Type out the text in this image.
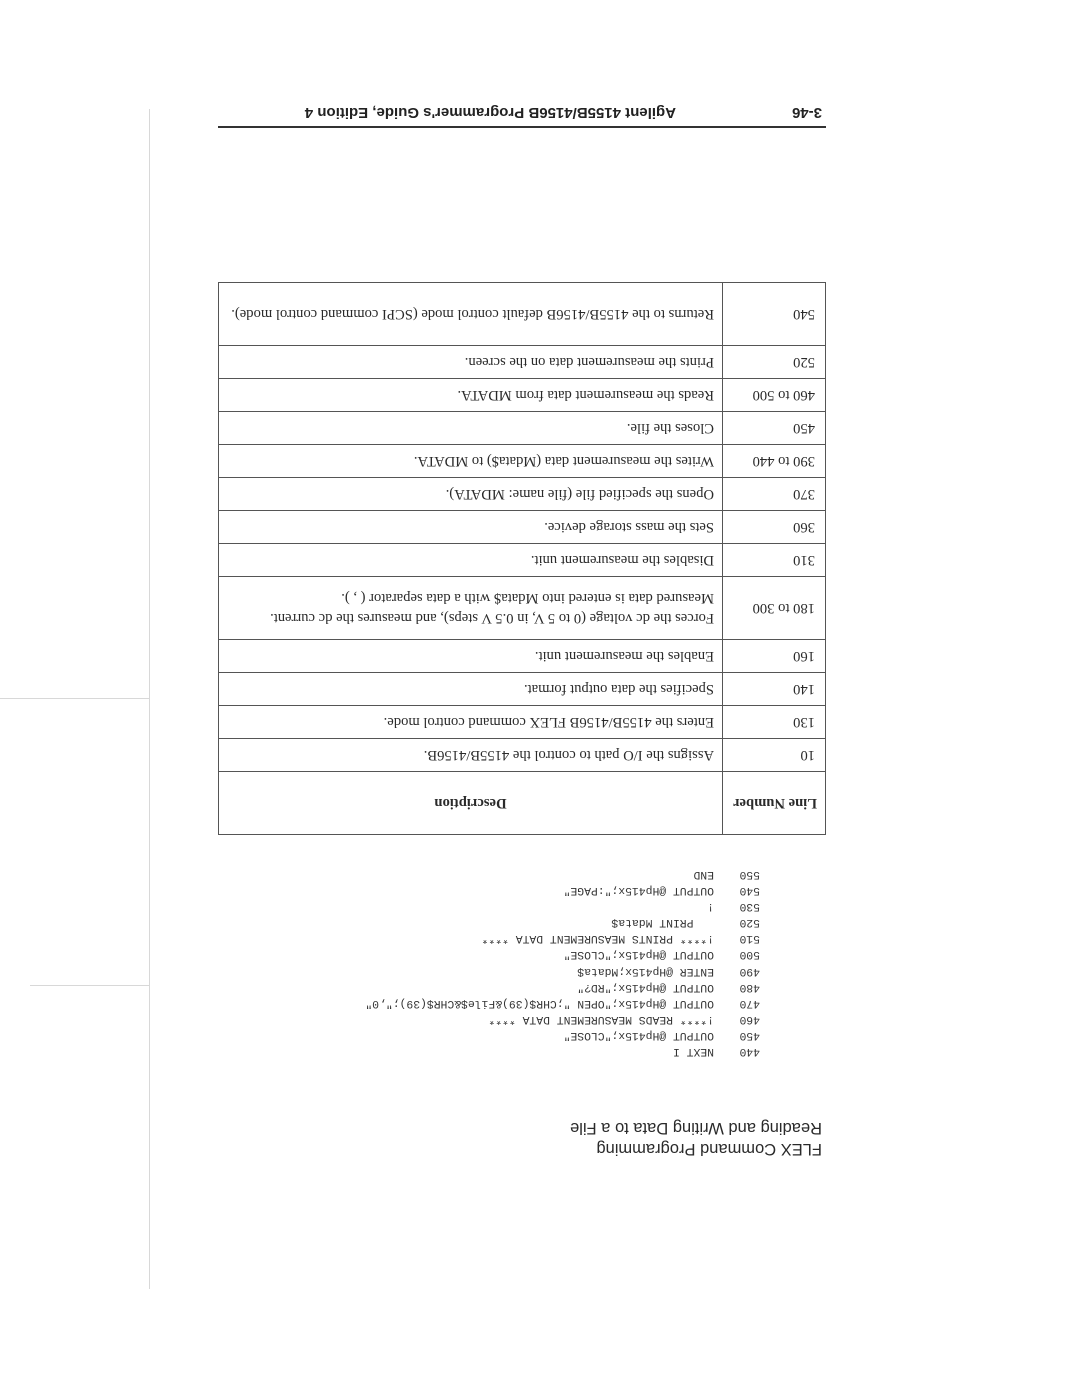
FLEX Command Programming
Reading and Writing Data to a File
440
NEXT I
450
OUTPUT @Hp415x;"CLOSE"
460
!**** READS MEASUREMENT DATA ****
470
OUTPUT @Hp415x;"OPEN ";CHR$(39)&File$&CHR$(39);",0"
480
OUTPUT @Hp415x;"RD?"
490
ENTER @Hp415x;Mdata$
500
OUTPUT @Hp415x;"CLOSE"
510
!**** PRINTS MEASUREMENT DATA ****
520
PRINT Mdata$
530
!
540
OUTPUT @Hp415x;":PAGE"
550
END
Line Number	Description
10	Assigns the I/O path to control the 4155B/4156B.
130	Enters the 4155B/4156B FLEX command control mode.
140	Specifies the data output format.
160	Enables the measurement unit.
180 to 300	Forces the dc voltage (0 to 5 V, in 0.5 V steps), and measures the dc current. Measured data is entered into Mdata$ with a data separator ( , ).
310	Disables the measurement unit.
360	Sets the mass storage device.
370	Opens the specified file (file name: MDATA).
390 to 440	Writes the measurement data (Mdata$) to MDATA.
450	Closes the file.
460 to 500	Reads the measurement data from MDATA.
520	Prints the measurement data on the screen.
540	Returns to the 4155B/4156B default control mode (SCPI command control mode).
3-46
Agilent 4155B/4156B Programmer's Guide, Edition 4
